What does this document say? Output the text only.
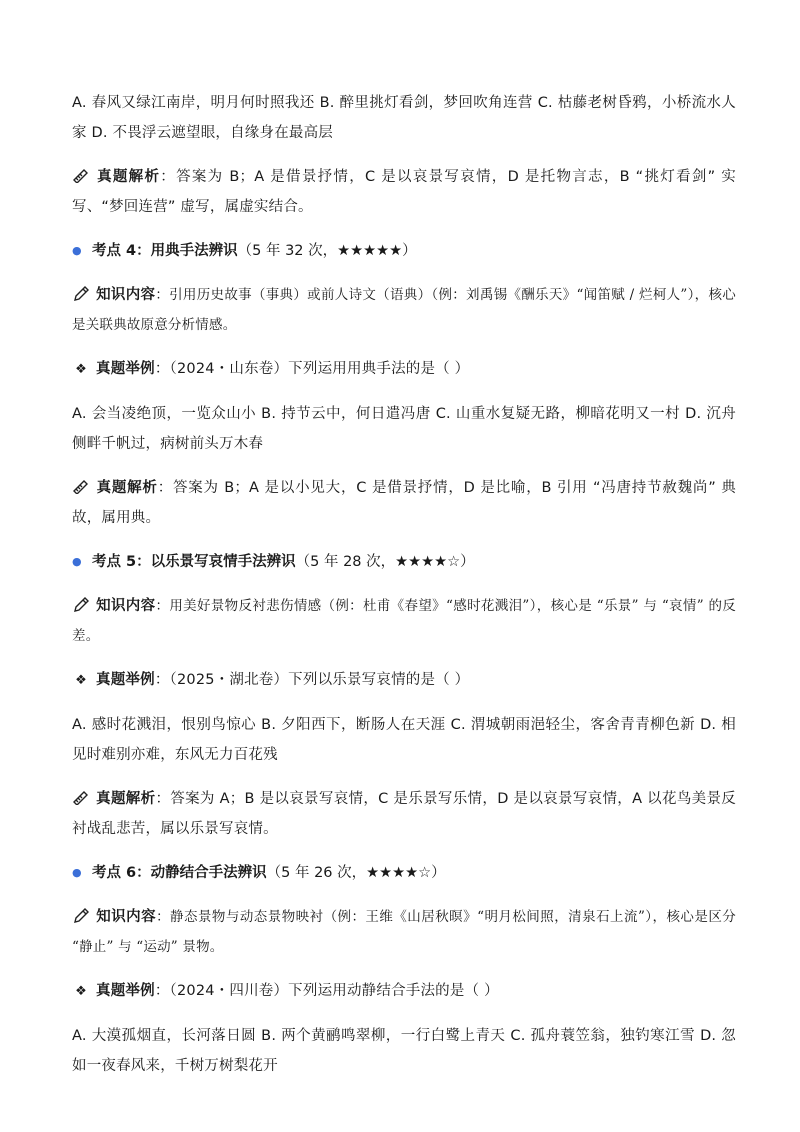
A. 春风又绿江南岸，明月何时照我还 B. 醉里挑灯看剑，梦回吹角连营 C. 枯藤老树昏鸦，小桥流水人家 D. 不畏浮云遮望眼，自缘身在最高层

真题解析：答案为 B；A 是借景抒情，C 是以哀景写哀情，D 是托物言志，B “挑灯看剑” 实写、“梦回连营” 虚写，属虚实结合。

● 考点 4：用典手法辨识（5 年 32 次，★★★★★）

知识内容：引用历史故事（事典）或前人诗文（语典）（例：刘禹锡《酬乐天》“闻笛赋 / 烂柯人”），核心是关联典故原意分析情感。

❖ 真题举例：（2024・山东卷）下列运用用典手法的是（ ）

A. 会当凌绝顶，一览众山小 B. 持节云中，何日遣冯唐 C. 山重水复疑无路，柳暗花明又一村 D. 沉舟侧畔千帆过，病树前头万木春

真题解析：答案为 B；A 是以小见大，C 是借景抒情，D 是比喻，B 引用 “冯唐持节赦魏尚” 典故，属用典。

● 考点 5：以乐景写哀情手法辨识（5 年 28 次，★★★★☆）

知识内容：用美好景物反衬悲伤情感（例：杜甫《春望》“感时花溅泪”），核心是 “乐景” 与 “哀情” 的反差。

❖ 真题举例：（2025・湖北卷）下列以乐景写哀情的是（ ）

A. 感时花溅泪，恨别鸟惊心 B. 夕阳西下，断肠人在天涯 C. 渭城朝雨浥轻尘，客舍青青柳色新 D. 相见时难别亦难，东风无力百花残

真题解析：答案为 A；B 是以哀景写哀情，C 是乐景写乐情，D 是以哀景写哀情，A 以花鸟美景反衬战乱悲苦，属以乐景写哀情。

● 考点 6：动静结合手法辨识（5 年 26 次，★★★★☆）

知识内容：静态景物与动态景物映衬（例：王维《山居秋暝》“明月松间照，清泉石上流”），核心是区分 “静止” 与 “运动” 景物。

❖ 真题举例：（2024・四川卷）下列运用动静结合手法的是（ ）

A. 大漠孤烟直，长河落日圆 B. 两个黄鹂鸣翠柳，一行白鹭上青天 C. 孤舟蓑笠翁，独钓寒江雪 D. 忽如一夜春风来，千树万树梨花开
